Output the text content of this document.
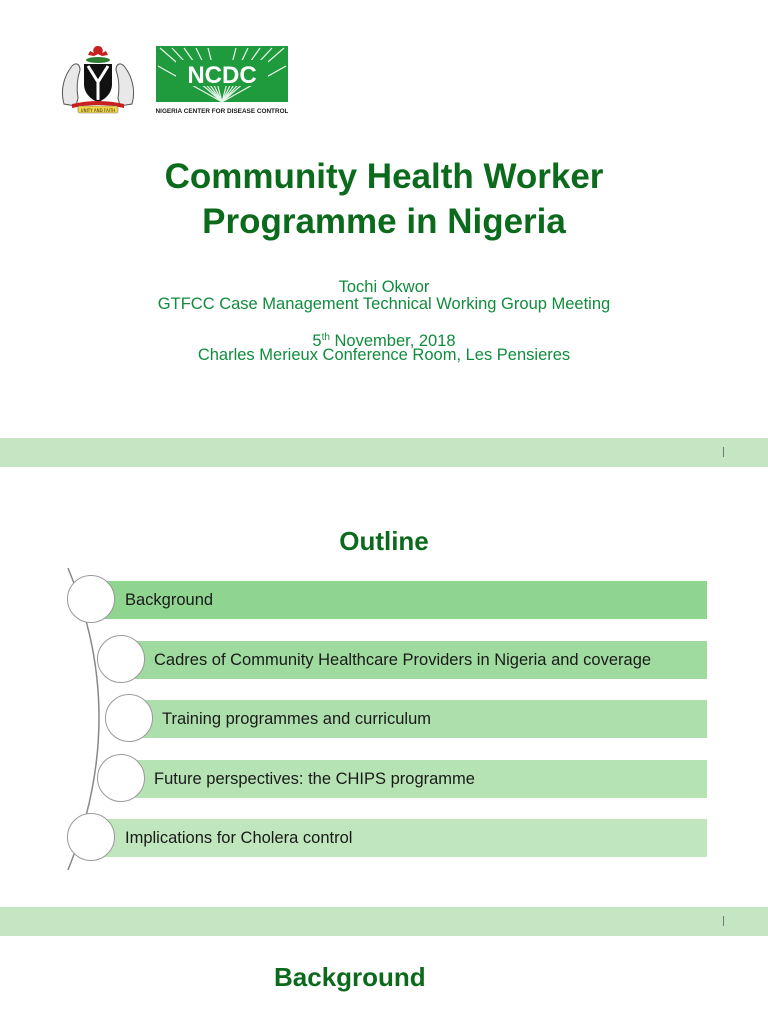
UNITY AND FAITH
NCDC
NIGERIA CENTER FOR DISEASE CONTROL
Community Health Worker
Programme in Nigeria
Tochi Okwor
GTFCC Case Management Technical Working Group Meeting
5th November, 2018
Charles Merieux Conference Room, Les Pensieres
Outline
Background
Cadres of Community Healthcare Providers in Nigeria and coverage
Training programmes and curriculum
Future perspectives: the CHIPS programme
Implications for Cholera control
Background
